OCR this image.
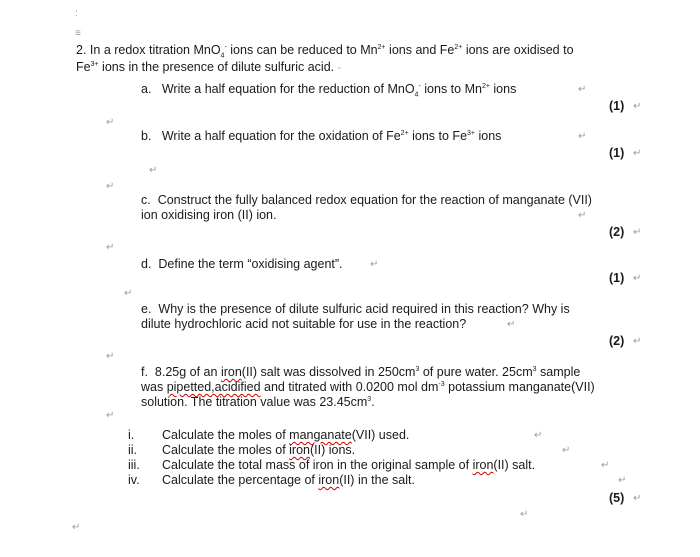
:
≡
2. In a redox titration MnO$_4$- ions can be reduced to $Mn^{2+}$ ions and $Fe^{2+}$ ions are oxidised to
$Fe^{3+}$ ions in the presence of dilute sulfuric acid. -
a. Write a half equation for the reduction of MnO$_4$- ions to $Mn^{2+}$ ions	↵
(1) ↵
↵
b. Write a half equation for the oxidation of $Fe^{2+}$ ions to $Fe^{3+}$ ions	↵
(1) ↵
↵
↵
c. Construct the fully balanced redox equation for the reaction of manganate (VII)
ion oxidising iron (II) ion.	↵
(2) ↵
↵
d. Define the term “oxidising agent”.	↵
(1) ↵
↵
e. Why is the presence of dilute sulfuric acid required in this reaction? Why is
dilute hydrochloric acid not suitable for use in the reaction?	↵
(2) ↵
↵
f. 8.25g of an iron(II) salt was dissolved in $250cm^3$ of pure water. $25cm^3$ sample
was pipetted,acidified and titrated with 0.0200 mol $dm^{-3}$ potassium manganate(VII)
solution. The titration value was $23.45cm^3$.
↵
i. Calculate the moles of manganate(VII) used.	↵
ii. Calculate the moles of iron(II) ions.	↵
iii. Calculate the total mass of iron in the original sample of iron(II) salt.	↵
iv. Calculate the percentage of iron(II) in the salt.	↵
(5) ↵
↵
↵
